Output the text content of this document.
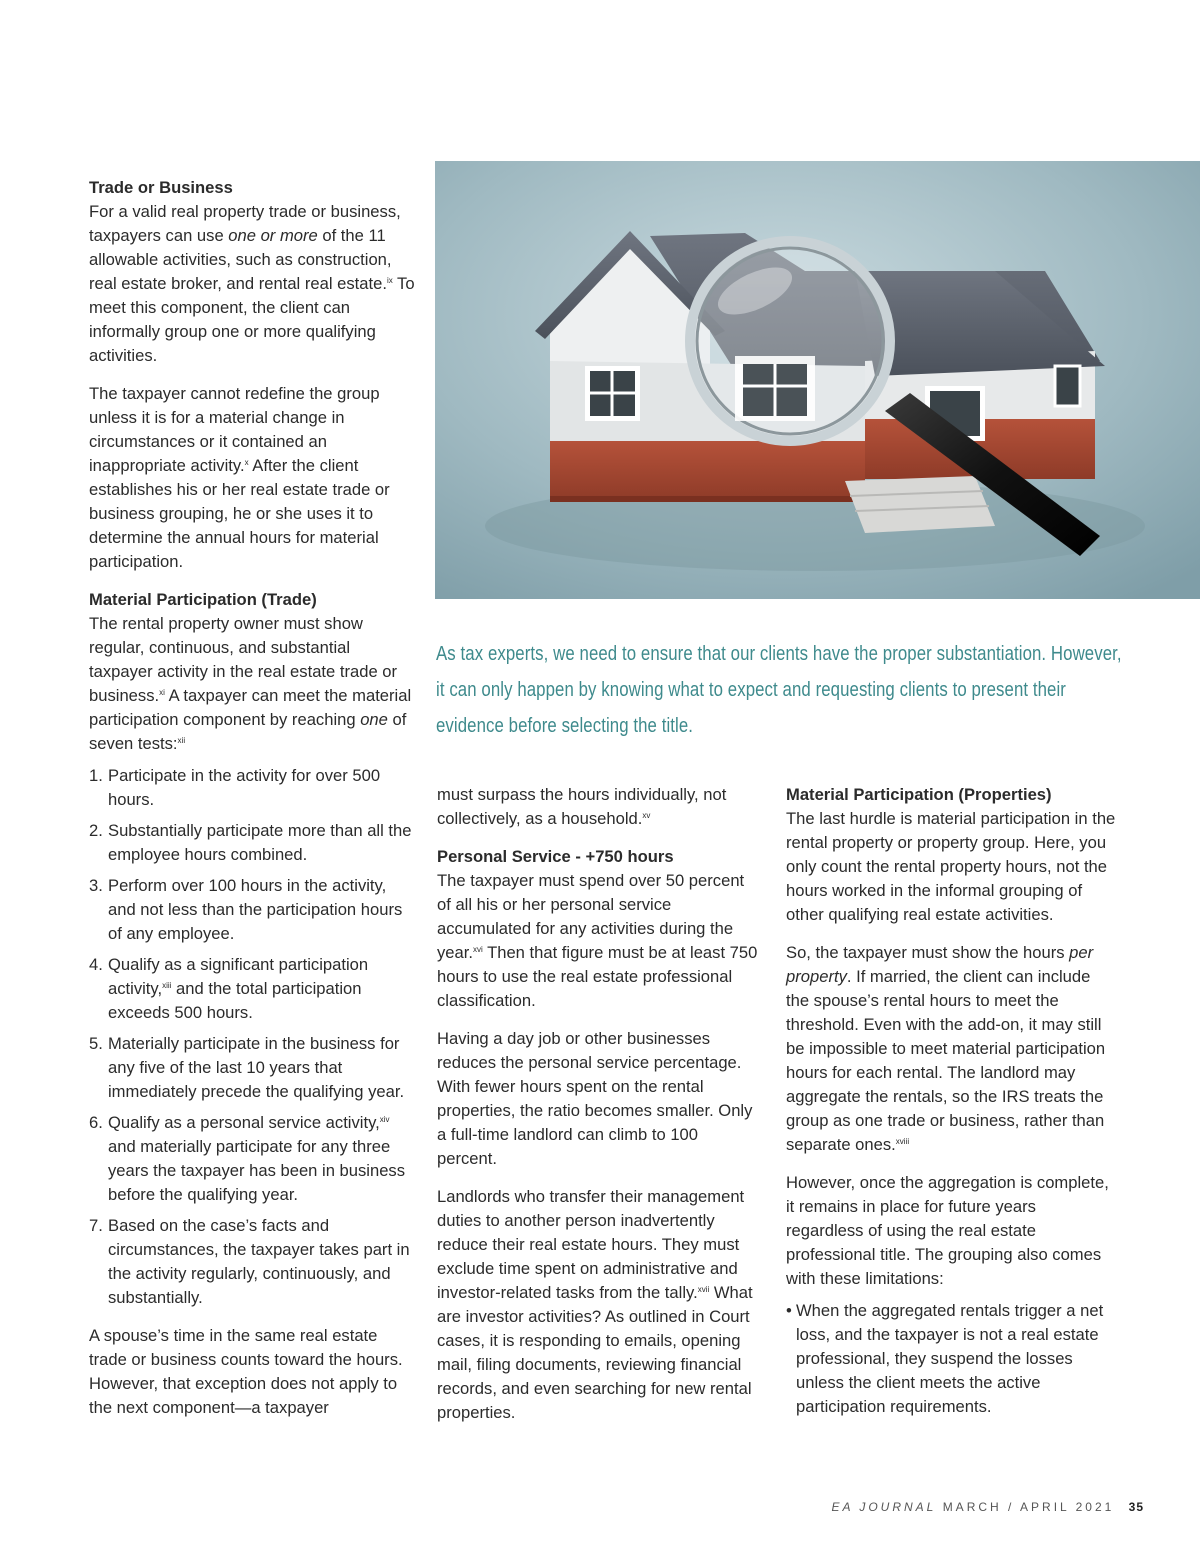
Trade or Business
For a valid real property trade or business, taxpayers can use one or more of the 11 allowable activities, such as construction, real estate broker, and rental real estate.$^{ix}$ To meet this component, the client can informally group one or more qualifying activities.

The taxpayer cannot redefine the group unless it is for a material change in circumstances or it contained an inappropriate activity.$^x$ After the client establishes his or her real estate trade or business grouping, he or she uses it to determine the annual hours for material participation.

Material Participation (Trade)
The rental property owner must show regular, continuous, and substantial taxpayer activity in the real estate trade or business.$^{xi}$ A taxpayer can meet the material participation component by reaching one of seven tests:$^{xii}$

1. Participate in the activity for over 500 hours.
2. Substantially participate more than all the employee hours combined.
3. Perform over 100 hours in the activity, and not less than the participation hours of any employee.
4. Qualify as a significant participation activity,$^{xiii}$ and the total participation exceeds 500 hours.
5. Materially participate in the business for any five of the last 10 years that immediately precede the qualifying year.
6. Qualify as a personal service activity,$^{xiv}$ and materially participate for any three years the taxpayer has been in business before the qualifying year.
7. Based on the case’s facts and circumstances, the taxpayer takes part in the activity regularly, continuously, and substantially.

A spouse’s time in the same real estate trade or business counts toward the hours. However, that exception does not apply to the next component—a taxpayer

As tax experts, we need to ensure that our clients have the proper substantiation. However, it can only happen by knowing what to expect and requesting clients to present their evidence before selecting the title.

must surpass the hours individually, not collectively, as a household.$^{xv}$

Personal Service - +750 hours
The taxpayer must spend over 50 percent of all his or her personal service accumulated for any activities during the year.$^{xvi}$ Then that figure must be at least 750 hours to use the real estate professional classification.

Having a day job or other businesses reduces the personal service percentage. With fewer hours spent on the rental properties, the ratio becomes smaller. Only a full-time landlord can climb to 100 percent.

Landlords who transfer their management duties to another person inadvertently reduce their real estate hours. They must exclude time spent on administrative and investor-related tasks from the tally.$^{xvii}$ What are investor activities? As outlined in Court cases, it is responding to emails, opening mail, filing documents, reviewing financial records, and even searching for new rental properties.

Material Participation (Properties)
The last hurdle is material participation in the rental property or property group. Here, you only count the rental property hours, not the hours worked in the informal grouping of other qualifying real estate activities.

So, the taxpayer must show the hours per property. If married, the client can include the spouse’s rental hours to meet the threshold. Even with the add-on, it may still be impossible to meet material participation hours for each rental. The landlord may aggregate the rentals, so the IRS treats the group as one trade or business, rather than separate ones.$^{xviii}$

However, once the aggregation is complete, it remains in place for future years regardless of using the real estate professional title. The grouping also comes with these limitations:

• When the aggregated rentals trigger a net loss, and the taxpayer is not a real estate professional, they suspend the losses unless the client meets the active participation requirements.
EA JOURNAL MARCH / APRIL 2021 35
